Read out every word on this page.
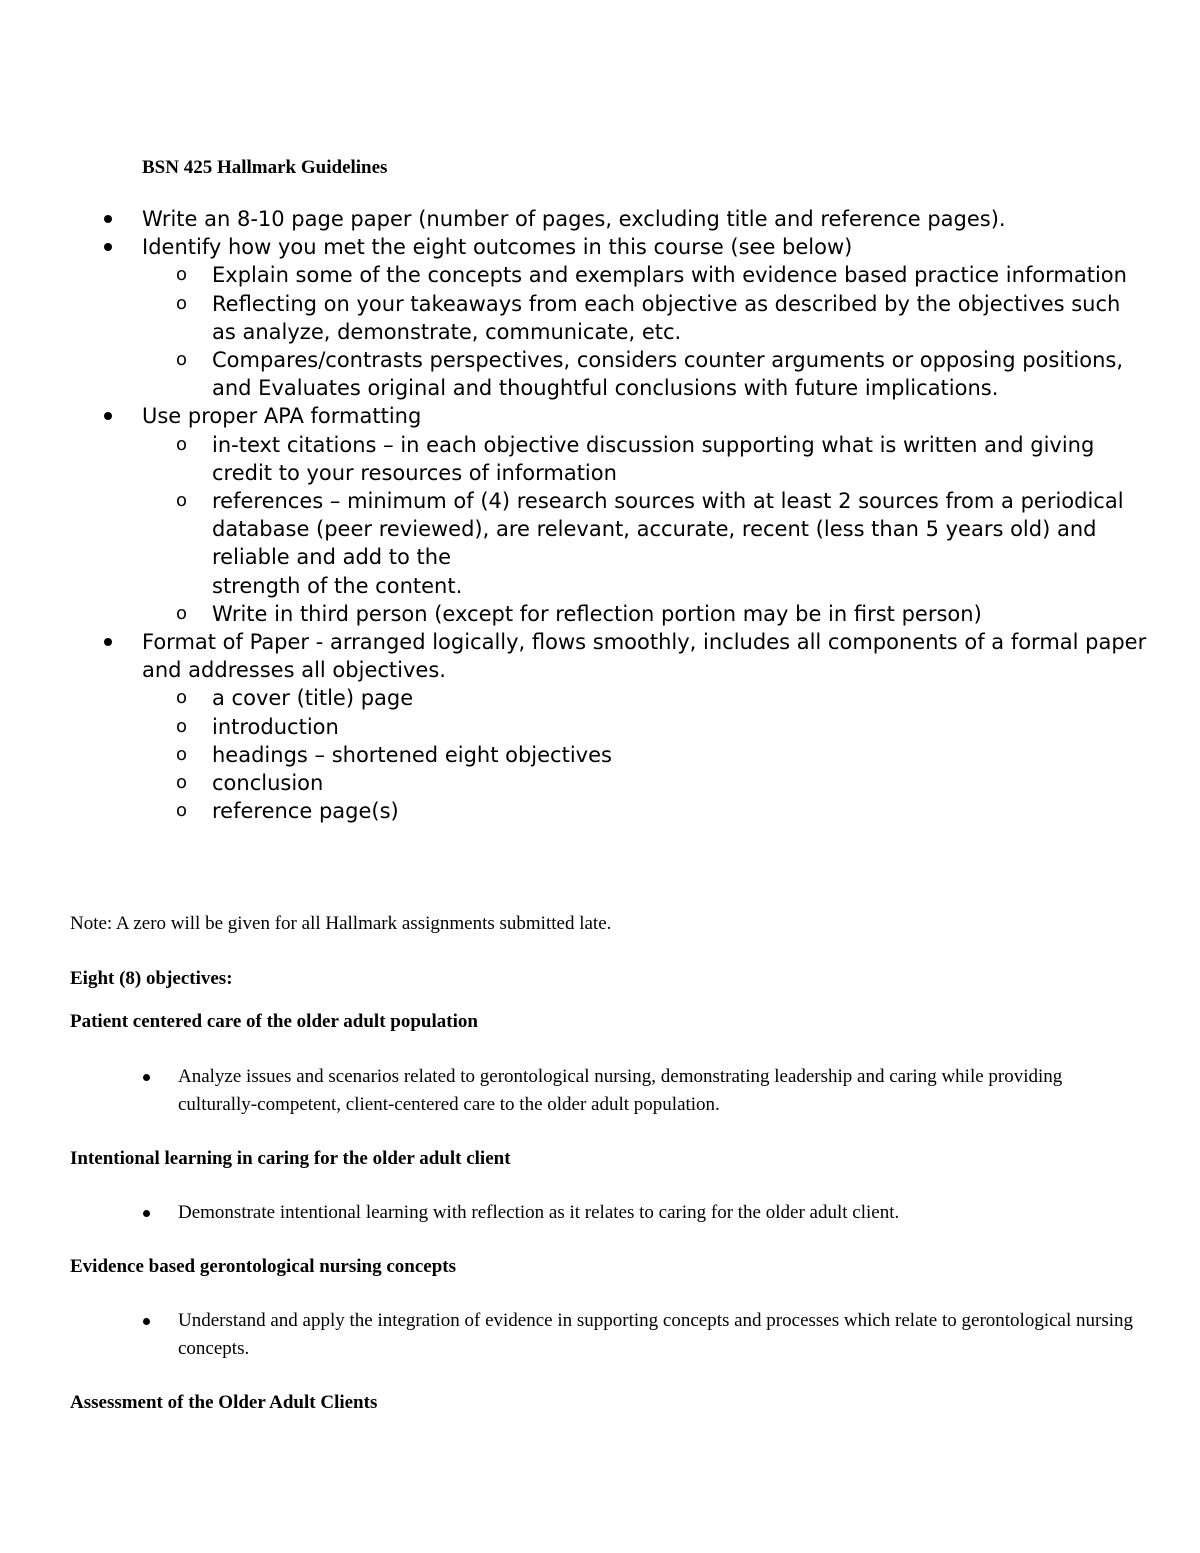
BSN 425 Hallmark Guidelines
Write an 8-10 page paper (number of pages, excluding title and reference pages).
Identify how you met the eight outcomes in this course (see below)
o Explain some of the concepts and exemplars with evidence based practice information
o Reflecting on your takeaways from each objective as described by the objectives such as analyze, demonstrate, communicate, etc.
o Compares/contrasts perspectives, considers counter arguments or opposing positions,
and Evaluates original and thoughtful conclusions with future implications.
Use proper APA formatting
o in-text citations – in each objective discussion supporting what is written and giving credit to your resources of information
o references – minimum of (4) research sources with at least 2 sources from a periodical database (peer reviewed), are relevant, accurate, recent (less than 5 years old) and reliable and add to the
strength of the content.
o Write in third person (except for reflection portion may be in first person)
Format of Paper - arranged logically, flows smoothly, includes all components of a formal paper and addresses all objectives.
o a cover (title) page
o introduction
o headings – shortened eight objectives
o conclusion
o reference page(s)

Note: A zero will be given for all Hallmark assignments submitted late.

Eight (8) objectives:

Patient centered care of the older adult population

Analyze issues and scenarios related to gerontological nursing, demonstrating leadership and caring while providing culturally-competent, client-centered care to the older adult population.

Intentional learning in caring for the older adult client

Demonstrate intentional learning with reflection as it relates to caring for the older adult client.

Evidence based gerontological nursing concepts

Understand and apply the integration of evidence in supporting concepts and processes which relate to gerontological nursing concepts.

Assessment of the Older Adult Clients
